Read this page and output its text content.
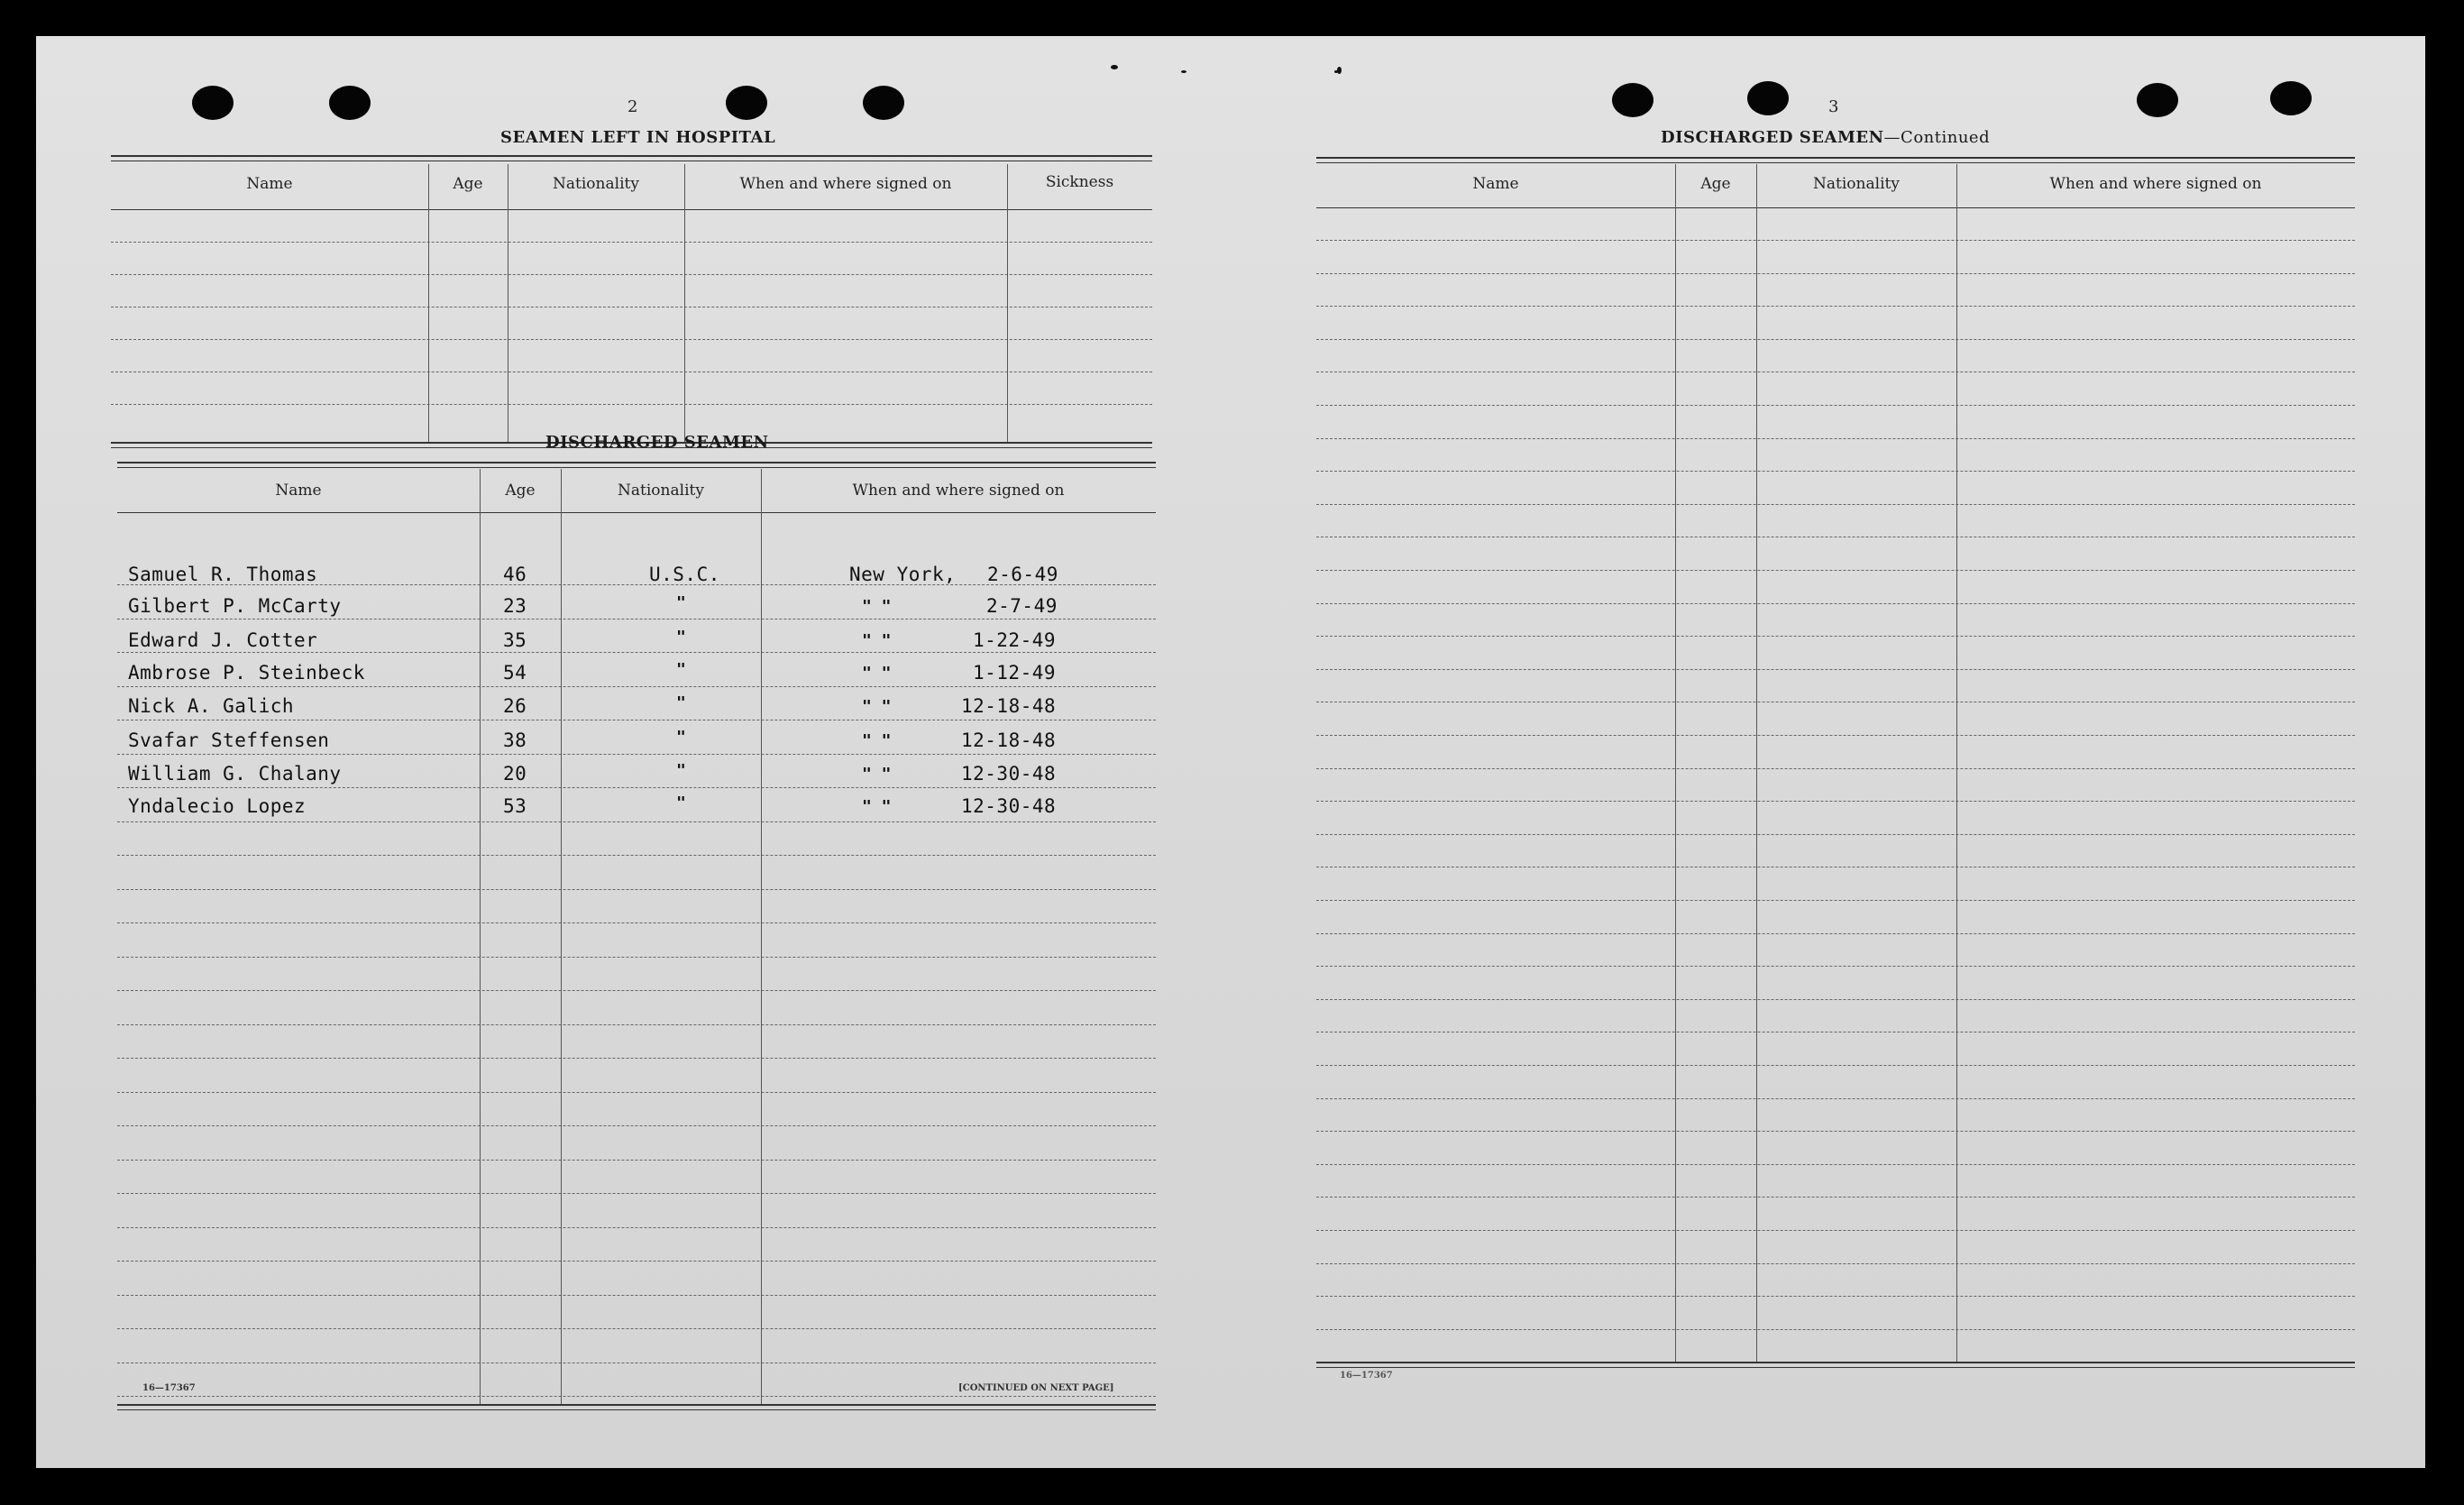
2
SEAMEN LEFT IN HOSPITAL
Name	Age	Nationality	When and where signed on	Sickness
DISCHARGED SEAMEN
Name	Age	Nationality	When and where signed on
Samuel R. Thomas	46	U.S.C.	New York, 2-6-49
Gilbert P. McCarty	23	"	" "	2-7-49
Edward J. Cotter	35	"	" "	1-22-49
Ambrose P. Steinbeck	54	"	" "	1-12-49
Nick A. Galich	26	"	" "	12-18-48
Svafar Steffensen	38	"	" "	12-18-48
William G. Chalany	20	"	" "	12-30-48
Yndalecio Lopez	53	"	" "	12-30-48
16—17367	[CONTINUED ON NEXT PAGE]
3
DISCHARGED SEAMEN—Continued
Name	Age	Nationality	When and where signed on
16—17367
